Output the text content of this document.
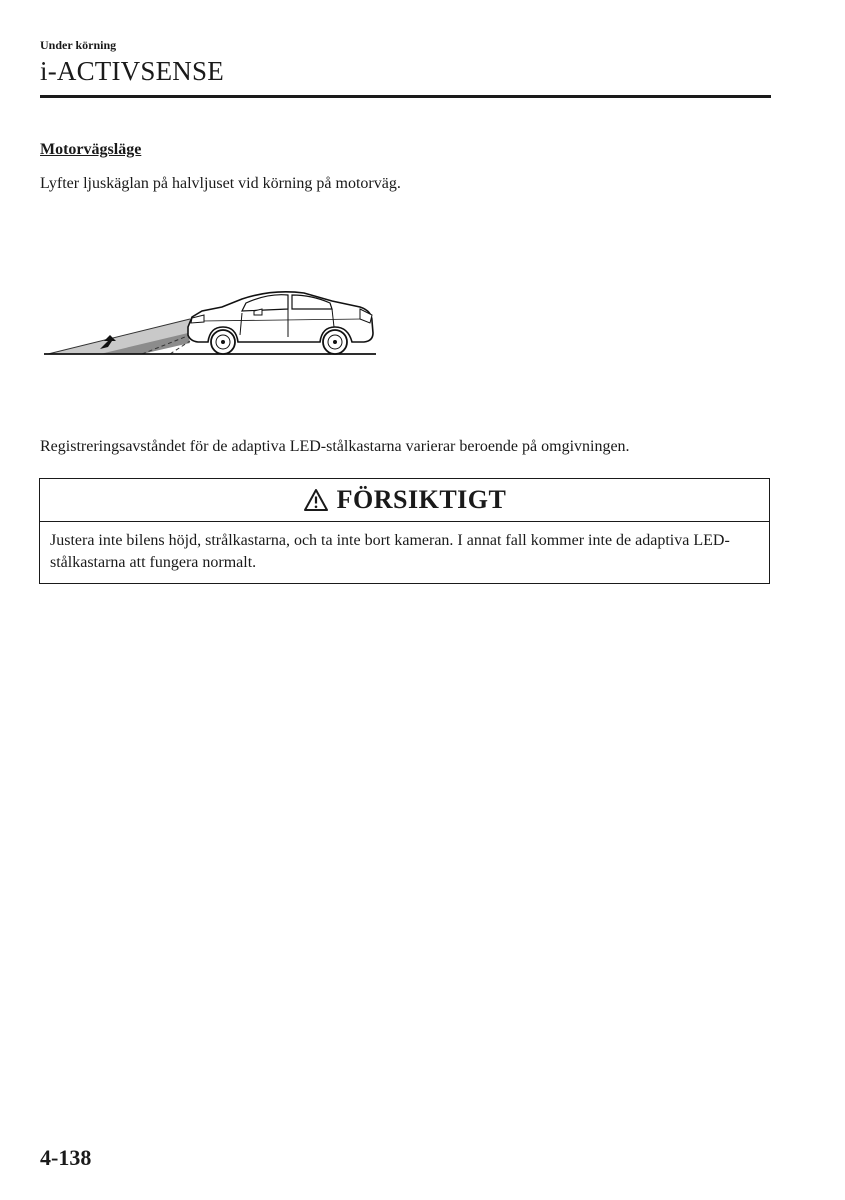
Under körning
i-ACTIVSENSE
Motorvägsläge

Lyfter ljuskäglan på halvljuset vid körning på motorväg.

Registreringsavståndet för de adaptiva LED-stålkastarna varierar beroende på omgivningen.

FÖRSIKTIGT
Justera inte bilens höjd, strålkastarna, och ta inte bort kameran. I annat fall kommer inte de adaptiva LED-stålkastarna att fungera normalt.
4-138
